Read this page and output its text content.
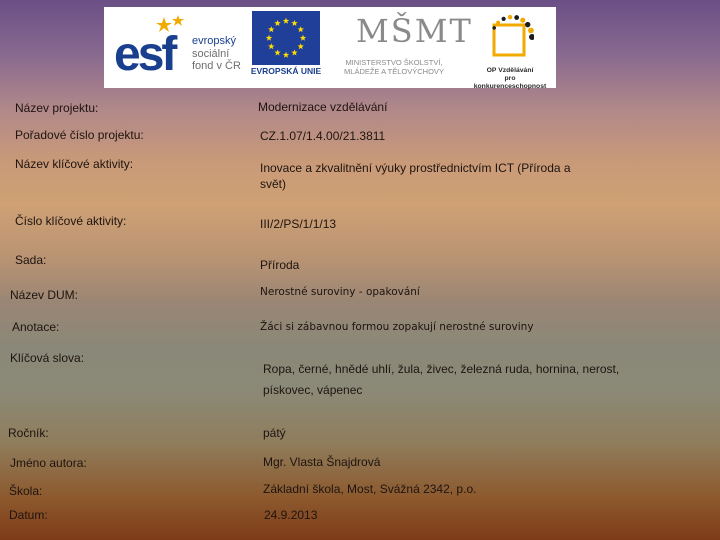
esf evropský
sociální
fond v ČR	EVROPSKÁ UNIE
MŠMT
MINISTERSTVO ŠKOLSTVÍ,
MLÁDEŽE A TĚLOVÝCHOVY	OP Vzdělávání
pro konkurenceschopnost
Název projektu:	Modernizace vzdělávání
Pořadové číslo projektu:	CZ.1.07/1.4.00/21.3811
Název klíčové aktivity:	Inovace a zkvalitnění výuky prostřednictvím ICT (Příroda a svět)
Číslo klíčové aktivity:	III/2/PS/1/1/13
Sada:	Příroda
Název DUM:	Nerostné suroviny - opakování
Anotace:	Žáci si zábavnou formou zopakují nerostné suroviny
Klíčová slova:
Ropa, černé, hnědé uhlí, žula, živec, železná ruda, hornina, nerost,
pískovec, vápenec
Ročník:	pátý
Jméno autora:	Mgr. Vlasta Šnajdrová
Škola:	Základní škola, Most, Svážná 2342, p.o.
Datum:	24.9.2013
